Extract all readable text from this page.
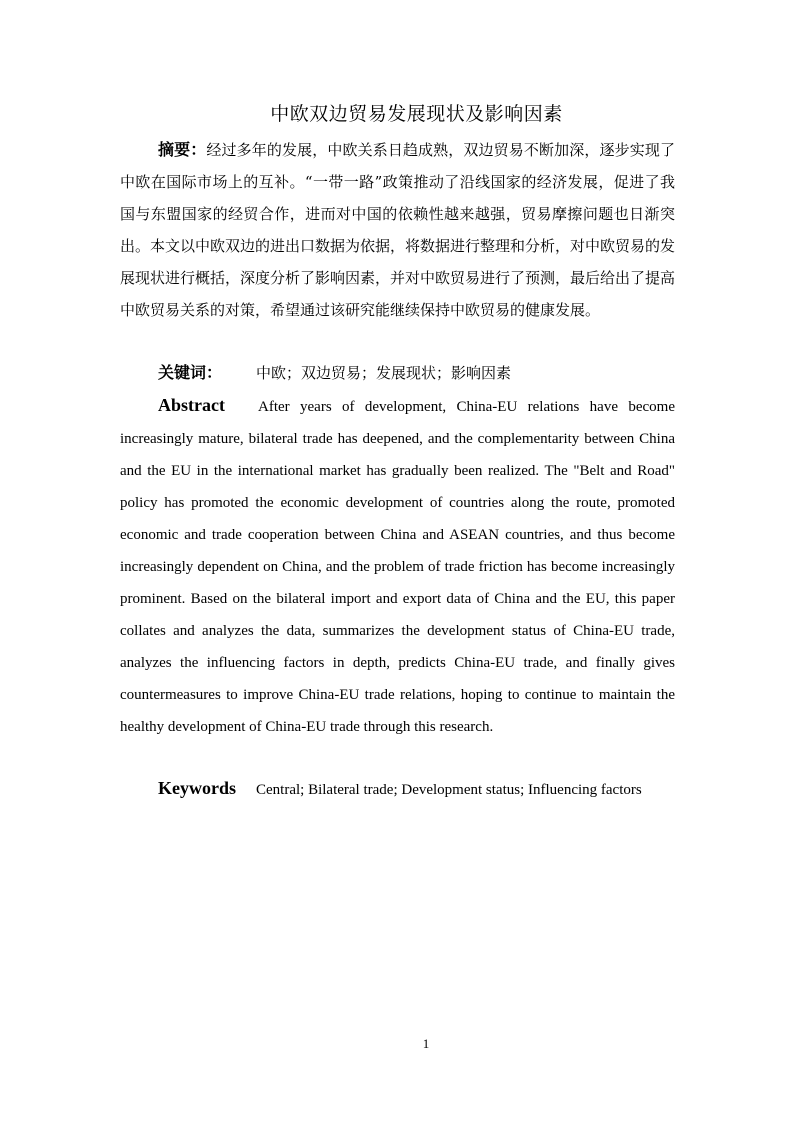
中欧双边贸易发展现状及影响因素
摘要：经过多年的发展，中欧关系日趋成熟，双边贸易不断加深，逐步实现了中欧在国际市场上的互补。“一带一路”政策推动了沿线国家的经济发展，促进了我国与东盟国家的经贸合作，进而对中国的依赖性越来越强，贸易摩擦问题也日渐突出。本文以中欧双边的进出口数据为依据，将数据进行整理和分析，对中欧贸易的发展现状进行概括，深度分析了影响因素，并对中欧贸易进行了预测，最后给出了提高中欧贸易关系的对策，希望通过该研究能继续保持中欧贸易的健康发展。
关键词： 中欧；双边贸易；发展现状；影响因素
Abstract After years of development, China-EU relations have become increasingly mature, bilateral trade has deepened, and the complementarity between China and the EU in the international market has gradually been realized. The "Belt and Road" policy has promoted the economic development of countries along the route, promoted economic and trade cooperation between China and ASEAN countries, and thus become increasingly dependent on China, and the problem of trade friction has become increasingly prominent. Based on the bilateral import and export data of China and the EU, this paper collates and analyzes the data, summarizes the development status of China-EU trade, analyzes the influencing factors in depth, predicts China-EU trade, and finally gives countermeasures to improve China-EU trade relations, hoping to continue to maintain the healthy development of China-EU trade through this research.
Keywords Central; Bilateral trade; Development status; Influencing factors
1
